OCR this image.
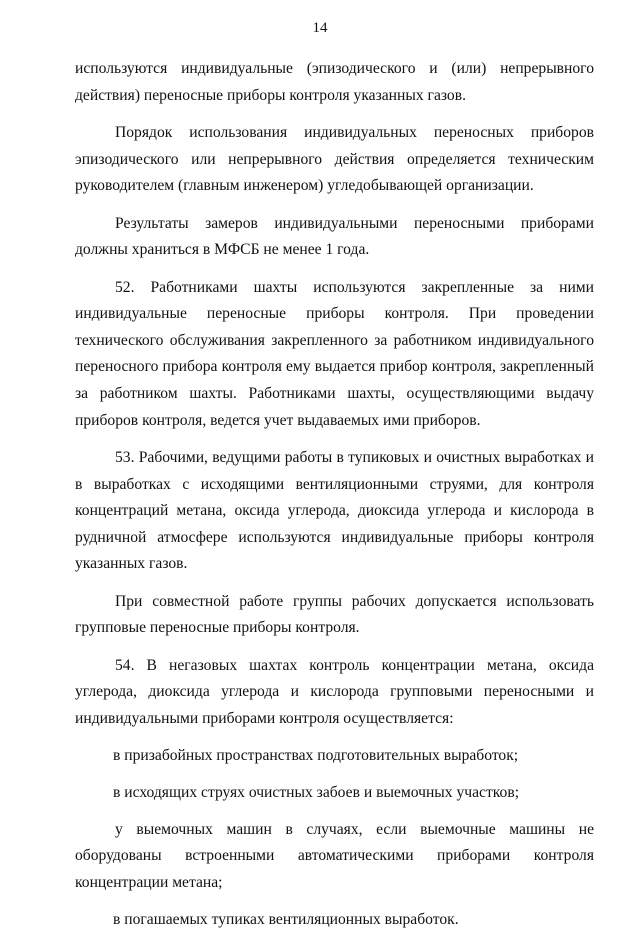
14

используются индивидуальные (эпизодического и (или) непрерывного действия) переносные приборы контроля указанных газов.

Порядок использования индивидуальных переносных приборов эпизодического или непрерывного действия определяется техническим руководителем (главным инженером) угледобывающей организации.

Результаты замеров индивидуальными переносными приборами должны храниться в МФСБ не менее 1 года.

52. Работниками шахты используются закрепленные за ними индивидуальные переносные приборы контроля. При проведении технического обслуживания закрепленного за работником индивидуального переносного прибора контроля ему выдается прибор контроля, закрепленный за работником шахты. Работниками шахты, осуществляющими выдачу приборов контроля, ведется учет выдаваемых ими приборов.

53. Рабочими, ведущими работы в тупиковых и очистных выработках и в выработках с исходящими вентиляционными струями, для контроля концентраций метана, оксида углерода, диоксида углерода и кислорода в рудничной атмосфере используются индивидуальные приборы контроля указанных газов.

При совместной работе группы рабочих допускается использовать групповые переносные приборы контроля.

54. В негазовых шахтах контроль концентрации метана, оксида углерода, диоксида углерода и кислорода групповыми переносными и индивидуальными приборами контроля осуществляется:

в призабойных пространствах подготовительных выработок;

в исходящих струях очистных забоев и выемочных участков;

у выемочных машин в случаях, если выемочные машины не оборудованы встроенными автоматическими приборами контроля концентрации метана;

в погашаемых тупиках вентиляционных выработок.
